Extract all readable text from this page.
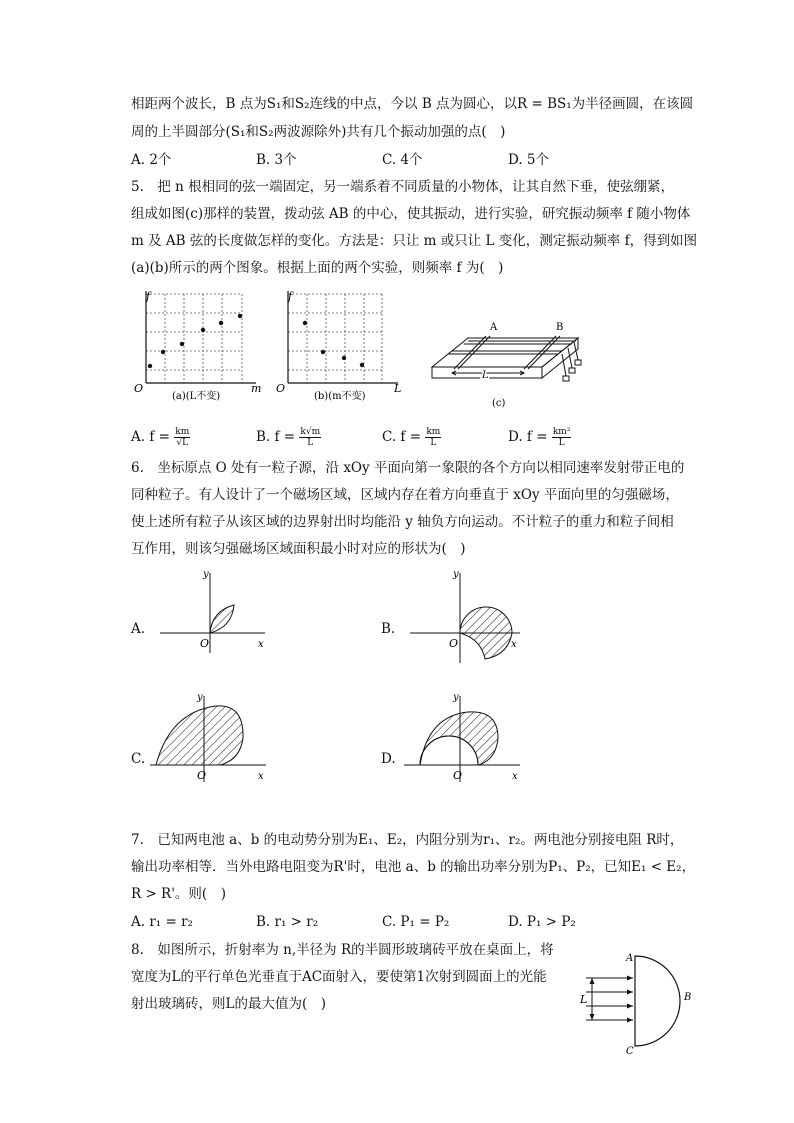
相距两个波长，B 点为S₁和S₂连线的中点，今以 B 点为圆心，以R = BS₁为半径画圆，在该圆
周的上半圆部分(S₁和S₂两波源除外)共有几个振动加强的点(　)
A. 2个	B. 3个	C. 4个	D. 5个
5.　把 n 根相同的弦一端固定，另一端系着不同质量的小物体，让其自然下垂，使弦绷紧，
组成如图(c)那样的装置，拨动弦 AB 的中心，使其振动，进行实验，研究振动频率 f 随小物体
m 及 AB 弦的长度做怎样的变化。方法是：只让 m 或只让 L 变化，测定振动频率 f，得到如图
(a)(b)所示的两个图象。根据上面的两个实验，则频率 f 为(　)
f
O	m
(a)(L不变)
f
O	L
(b)(m不变)
A	B
L
(c)
A. $f = \frac{km}{√L}$	B. $f = \frac{k√m}{L}$	C. $f = \frac{km}{L}$	D. $f = \frac{\text{km²}}{L}$
6.　坐标原点 O 处有一粒子源，沿 xOy 平面向第一象限的各个方向以相同速率发射带正电的
同种粒子。有人设计了一个磁场区域，区域内存在着方向垂直于 xOy 平面向里的匀强磁场，
使上述所有粒子从该区域的边界射出时均能沿 y 轴负方向运动。不计粒子的重力和粒子间相
互作用，则该匀强磁场区域面积最小时对应的形状为(　)
A.
y
O	x
B.
y
O	x
C.
y
O	x
D.
y
O	x
7.　已知两电池 a、b 的电动势分别为E₁、E₂，内阻分别为r₁、r₂。两电池分别接电阻 R时，
输出功率相等．当外电路电阻变为R'时，电池 a、b 的输出功率分别为P₁、P₂，已知E₁ < E₂，
R > R'。则(　)
A. r₁ = r₂	B. r₁ > r₂	C. P₁ = P₂	D. P₁ > P₂
8.　如图所示，折射率为 n,半径为 R的半圆形玻璃砖平放在桌面上，将
宽度为L的平行单色光垂直于AC面射入，要使第1次射到圆面上的光能
射出玻璃砖，则L的最大值为(　)
A
B
C
L
